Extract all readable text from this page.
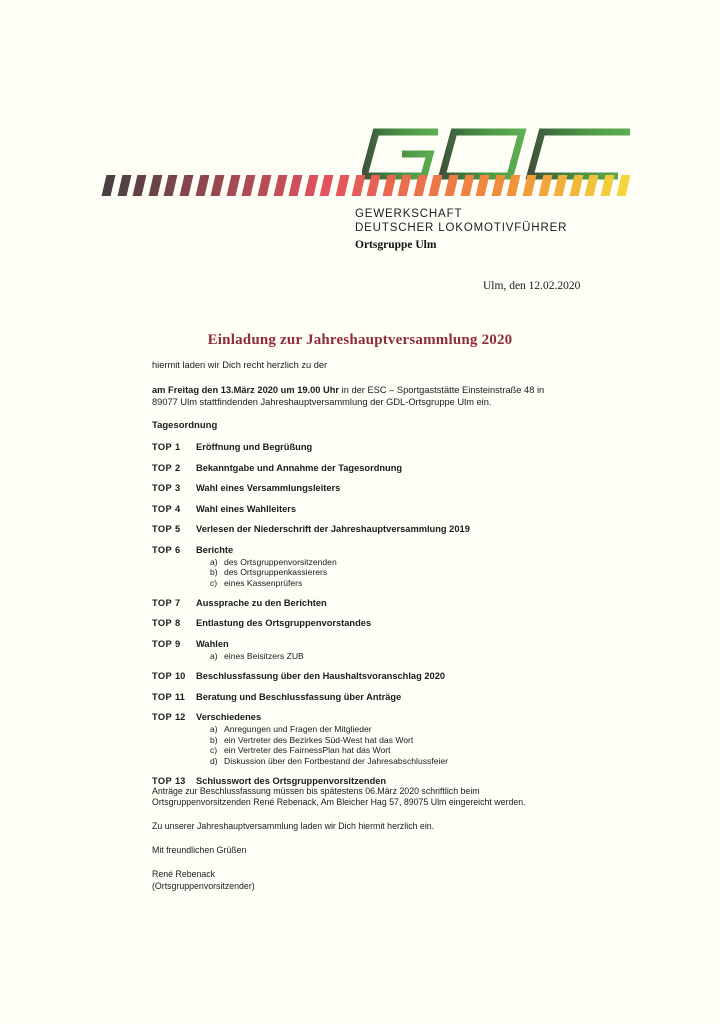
GEWERKSCHAFT
DEUTSCHER LOKOMOTIVFÜHRER
Ortsgruppe Ulm
Ulm, den 12.02.2020
Einladung zur Jahreshauptversammlung 2020

hiermit laden wir Dich recht herzlich zu der

am Freitag den 13.März 2020 um 19.00 Uhr in der ESC – Sportgaststätte Einsteinstraße 48 in 89077 Ulm stattfindenden Jahreshauptversammlung der GDL-Ortsgruppe Ulm ein.

Tagesordnung

TOP 1	Eröffnung und Begrüßung
TOP 2	Bekanntgabe und Annahme der Tagesordnung
TOP 3	Wahl eines Versammlungsleiters
TOP 4	Wahl eines Wahlleiters
TOP 5	Verlesen der Niederschrift der Jahreshauptversammlung 2019
TOP 6	Berichte
a) des Ortsgruppenvorsitzenden
b) des Ortsgruppenkassierers
c) eines Kassenprüfers
TOP 7	Aussprache zu den Berichten
TOP 8	Entlastung des Ortsgruppenvorstandes
TOP 9	Wahlen
a) eines Beisitzers ZUB
TOP 10	Beschlussfassung über den Haushaltsvoranschlag 2020
TOP 11	Beratung und Beschlussfassung über Anträge
TOP 12	Verschiedenes
a) Anregungen und Fragen der Mitglieder
b) ein Vertreter des Bezirkes Süd-West hat das Wort
c) ein Vertreter des FairnessPlan hat das Wort
d) Diskussion über den Fortbestand der Jahresabschlussfeier
TOP 13	Schlusswort des Ortsgruppenvorsitzenden

Anträge zur Beschlussfassung müssen bis spätestens 06.März 2020 schriftlich beim Ortsgruppenvorsitzenden René Rebenack, Am Bleicher Hag 57, 89075 Ulm eingereicht werden.

Zu unserer Jahreshauptversammlung laden wir Dich hiermit herzlich ein.

Mit freundlichen Grüßen

René Rebenack
(Ortsgruppenvorsitzender)
